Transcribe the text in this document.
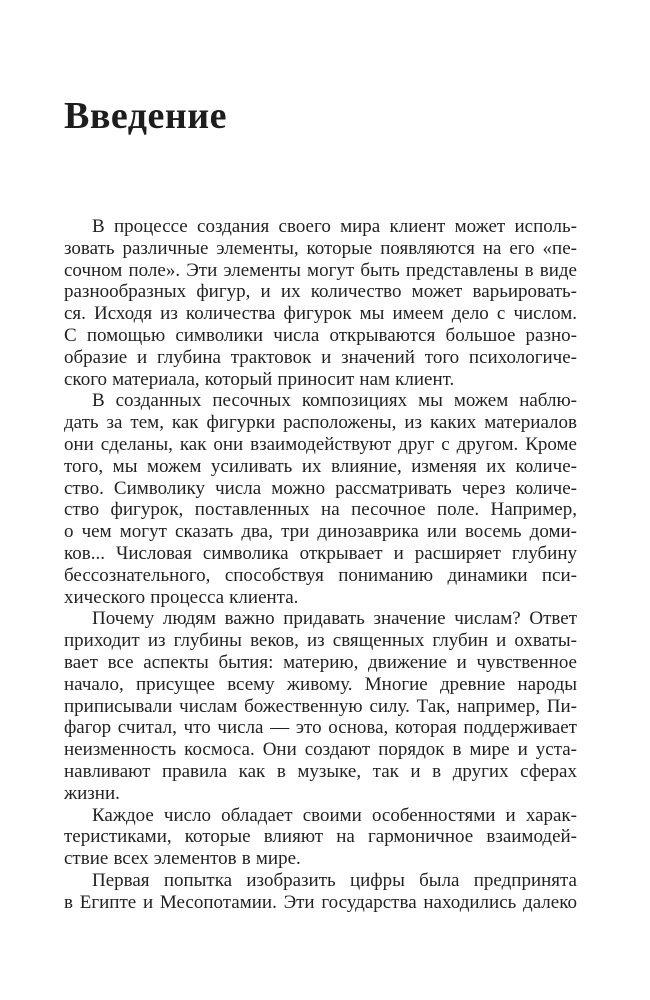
Введение
В процессе создания своего мира клиент может исполь-
зовать различные элементы, которые появляются на его «пе-
сочном поле». Эти элементы могут быть представлены в виде
разнообразных фигур, и их количество может варьировать-
ся. Исходя из количества фигурок мы имеем дело с числом.
С помощью символики числа открываются большое разно-
образие и глубина трактовок и значений того психологиче-
ского материала, который приносит нам клиент.
В созданных песочных композициях мы можем наблю-
дать за тем, как фигурки расположены, из каких материалов
они сделаны, как они взаимодействуют друг с другом. Кроме
того, мы можем усиливать их влияние, изменяя их количе-
ство. Символику числа можно рассматривать через количе-
ство фигурок, поставленных на песочное поле. Например,
о чем могут сказать два, три динозаврика или восемь доми-
ков... Числовая символика открывает и расширяет глубину
бессознательного, способствуя пониманию динамики пси-
хического процесса клиента.
Почему людям важно придавать значение числам? Ответ
приходит из глубины веков, из священных глубин и охваты-
вает все аспекты бытия: материю, движение и чувственное
начало, присущее всему живому. Многие древние народы
приписывали числам божественную силу. Так, например, Пи-
фагор считал, что числа — это основа, которая поддерживает
неизменность космоса. Они создают порядок в мире и уста-
навливают правила как в музыке, так и в других сферах жизни.
Каждое число обладает своими особенностями и харак-
теристиками, которые влияют на гармоничное взаимодей-
ствие всех элементов в мире.
Первая попытка изобразить цифры была предпринята
в Египте и Месопотамии. Эти государства находились далеко
